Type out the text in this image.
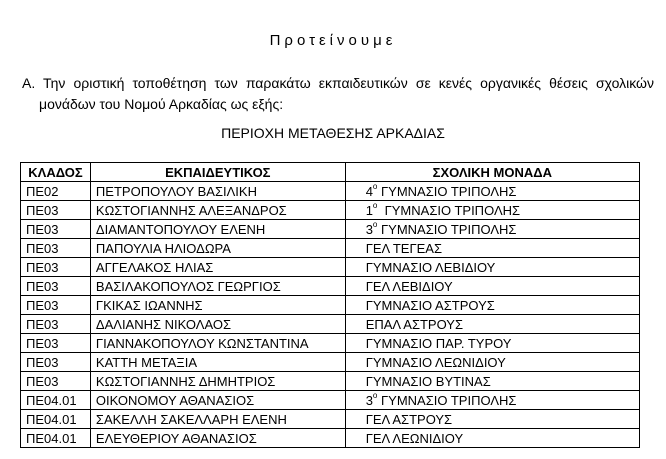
Προτείνουμε
Α. Την οριστική τοποθέτηση των παρακάτω εκπαιδευτικών σε κενές οργανικές θέσεις σχολικών
μονάδων του Νομού Αρκαδίας ως εξής:
ΠΕΡΙΟΧΗ ΜΕΤΑΘΕΣΗΣ ΑΡΚΑΔΙΑΣ
ΚΛΑΔΟΣ	ΕΚΠΑΙΔΕΥΤΙΚΟΣ	ΣΧΟΛΙΚΗ ΜΟΝΑΔΑ
ΠΕ02	ΠΕΤΡΟΠΟΥΛΟΥ ΒΑΣΙΛΙΚΗ	$4^o$ ΓΥΜΝΑΣΙΟ ΤΡΙΠΟΛΗΣ
ΠΕ03	ΚΩΣΤΟΓΙΑΝΝΗΣ ΑΛΕΞΑΝΔΡΟΣ	$1^o$  ΓΥΜΝΑΣΙΟ ΤΡΙΠΟΛΗΣ
ΠΕ03	ΔΙΑΜΑΝΤΟΠΟΥΛΟΥ ΕΛΕΝΗ	$3^o$ ΓΥΜΝΑΣΙΟ ΤΡΙΠΟΛΗΣ
ΠΕ03	ΠΑΠΟΥΛΙΑ ΗΛΙΟΔΩΡΑ	ΓΕΛ ΤΕΓΕΑΣ
ΠΕ03	ΑΓΓΕΛΑΚΟΣ ΗΛΙΑΣ	ΓΥΜΝΑΣΙΟ ΛΕΒΙΔΙΟΥ
ΠΕ03	ΒΑΣΙΛΑΚΟΠΟΥΛΟΣ ΓΕΩΡΓΙΟΣ	ΓΕΛ ΛΕΒΙΔΙΟΥ
ΠΕ03	ΓΚΙΚΑΣ ΙΩΑΝΝΗΣ	ΓΥΜΝΑΣΙΟ ΑΣΤΡΟΥΣ
ΠΕ03	ΔΑΛΙΑΝΗΣ ΝΙΚΟΛΑΟΣ	ΕΠΑΛ ΑΣΤΡΟΥΣ
ΠΕ03	ΓΙΑΝΝΑΚΟΠΟΥΛΟΥ ΚΩΝΣΤΑΝΤΙΝΑ	ΓΥΜΝΑΣΙΟ ΠΑΡ. ΤΥΡΟΥ
ΠΕ03	ΚΑΤΤΗ ΜΕΤΑΞΙΑ	ΓΥΜΝΑΣΙΟ ΛΕΩΝΙΔΙΟΥ
ΠΕ03	ΚΩΣΤΟΓΙΑΝΝΗΣ ΔΗΜΗΤΡΙΟΣ	ΓΥΜΝΑΣΙΟ ΒΥΤΙΝΑΣ
ΠΕ04.01	ΟΙΚΟΝΟΜΟΥ ΑΘΑΝΑΣΙΟΣ	$3^o$ ΓΥΜΝΑΣΙΟ ΤΡΙΠΟΛΗΣ
ΠΕ04.01	ΣΑΚΕΛΛΗ ΣΑΚΕΛΛΑΡΗ ΕΛΕΝΗ	ΓΕΛ ΑΣΤΡΟΥΣ
ΠΕ04.01	ΕΛΕΥΘΕΡΙΟΥ ΑΘΑΝΑΣΙΟΣ	ΓΕΛ ΛΕΩΝΙΔΙΟΥ
